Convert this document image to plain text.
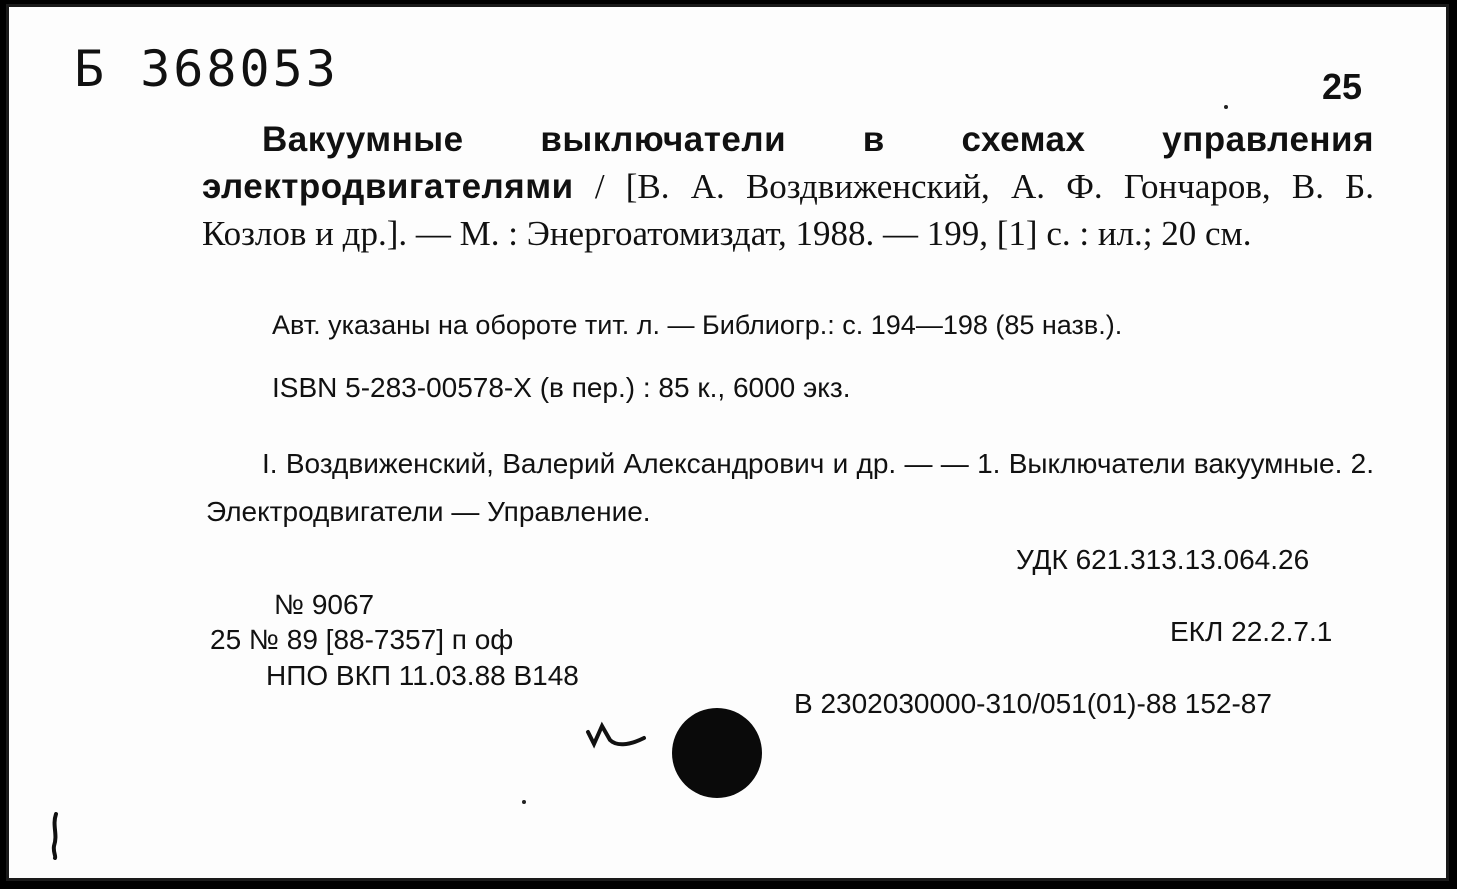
Б 368053	25
Вакуумные выключатели в схемах управления электродвигателями / [В. А. Воздвиженский, А. Ф. Гончаров, В. Б. Козлов и др.]. — М. : Энергоатомиздат, 1988. — 199, [1] с. : ил.; 20 см.
Авт. указаны на обороте тит. л. — Библиогр.: с. 194—198 (85 назв.).
ISBN 5-283-00578-X (в пер.) : 85 к., 6000 экз.
I. Воздвиженский, Валерий Александрович и др. — — 1. Выключатели вакуумные. 2. Электродвигатели — Управление.
УДК 621.313.13.064.26
ЕКЛ 22.2.7.1
В 2302030000-310/051(01)-88 152-87
№ 9067
25 № 89 [88-7357] п оф
НПО ВКП 11.03.88 В148
